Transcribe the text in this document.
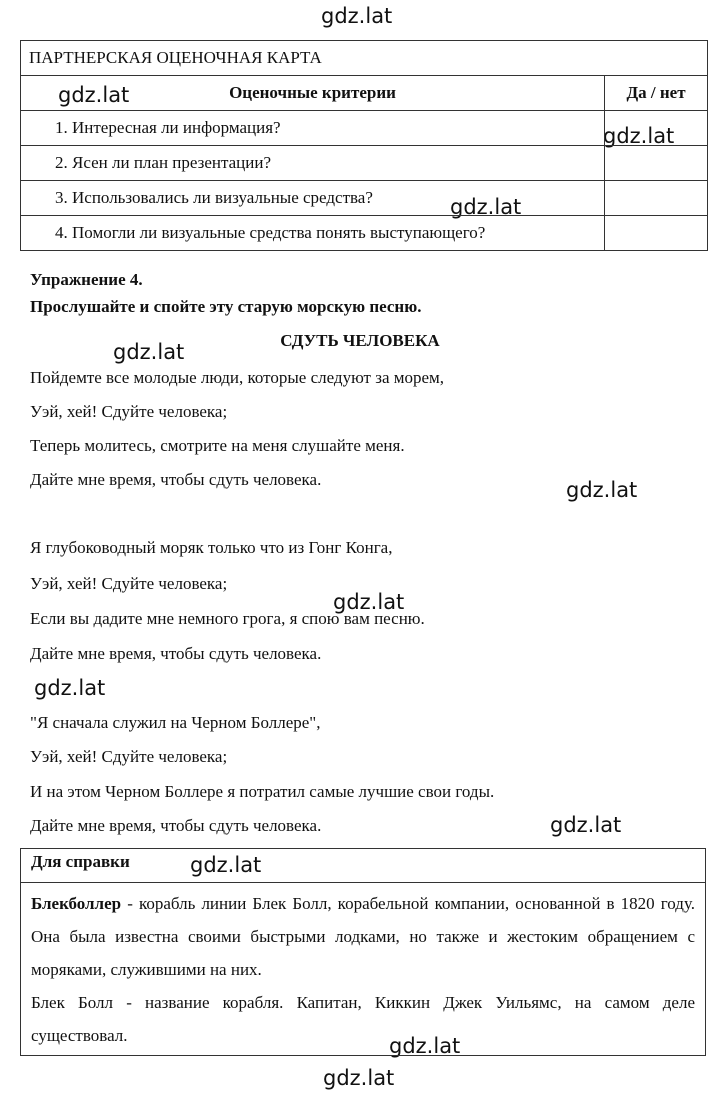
gdz.lat
gdz.lat
gdz.lat
gdz.lat
gdz.lat
gdz.lat
gdz.lat
gdz.lat
gdz.lat
gdz.lat
gdz.lat
gdz.lat
ПАРТНЕРСКАЯ ОЦЕНОЧНАЯ КАРТА	
Оценочные критерии	Да / нет
1. Интересная ли информация?	
2. Ясен ли план презентации?	
3. Использовались ли визуальные средства?	
4. Помогли ли визуальные средства понять выступающего?	
Упражнение 4.
Прослушайте и спойте эту старую морскую песню.
СДУТЬ ЧЕЛОВЕКА
Пойдемте все молодые люди, которые следуют за морем,
Уэй, хей! Сдуйте человека;
Теперь молитесь, смотрите на меня слушайте меня.
Дайте мне время, чтобы сдуть человека.
Я глубоководный моряк только что из Гонг Конга,
Уэй, хей! Сдуйте человека;
Если вы дадите мне немного грога, я спою вам песню.
Дайте мне время, чтобы сдуть человека.
"Я сначала служил на Черном Боллере",
Уэй, хей! Сдуйте человека;
И на этом Черном Боллере я потратил самые лучшие свои годы.
Дайте мне время, чтобы сдуть человека.
Для справки

Блекболлер - корабль линии Блек Болл, корабельной компании, основанной в 1820 году. Она была известна своими быстрыми лодками, но также и жестоким обращением с моряками, служившими на них.

Блек Болл - название корабля. Капитан, Киккин Джек Уильямс, на самом деле существовал.
